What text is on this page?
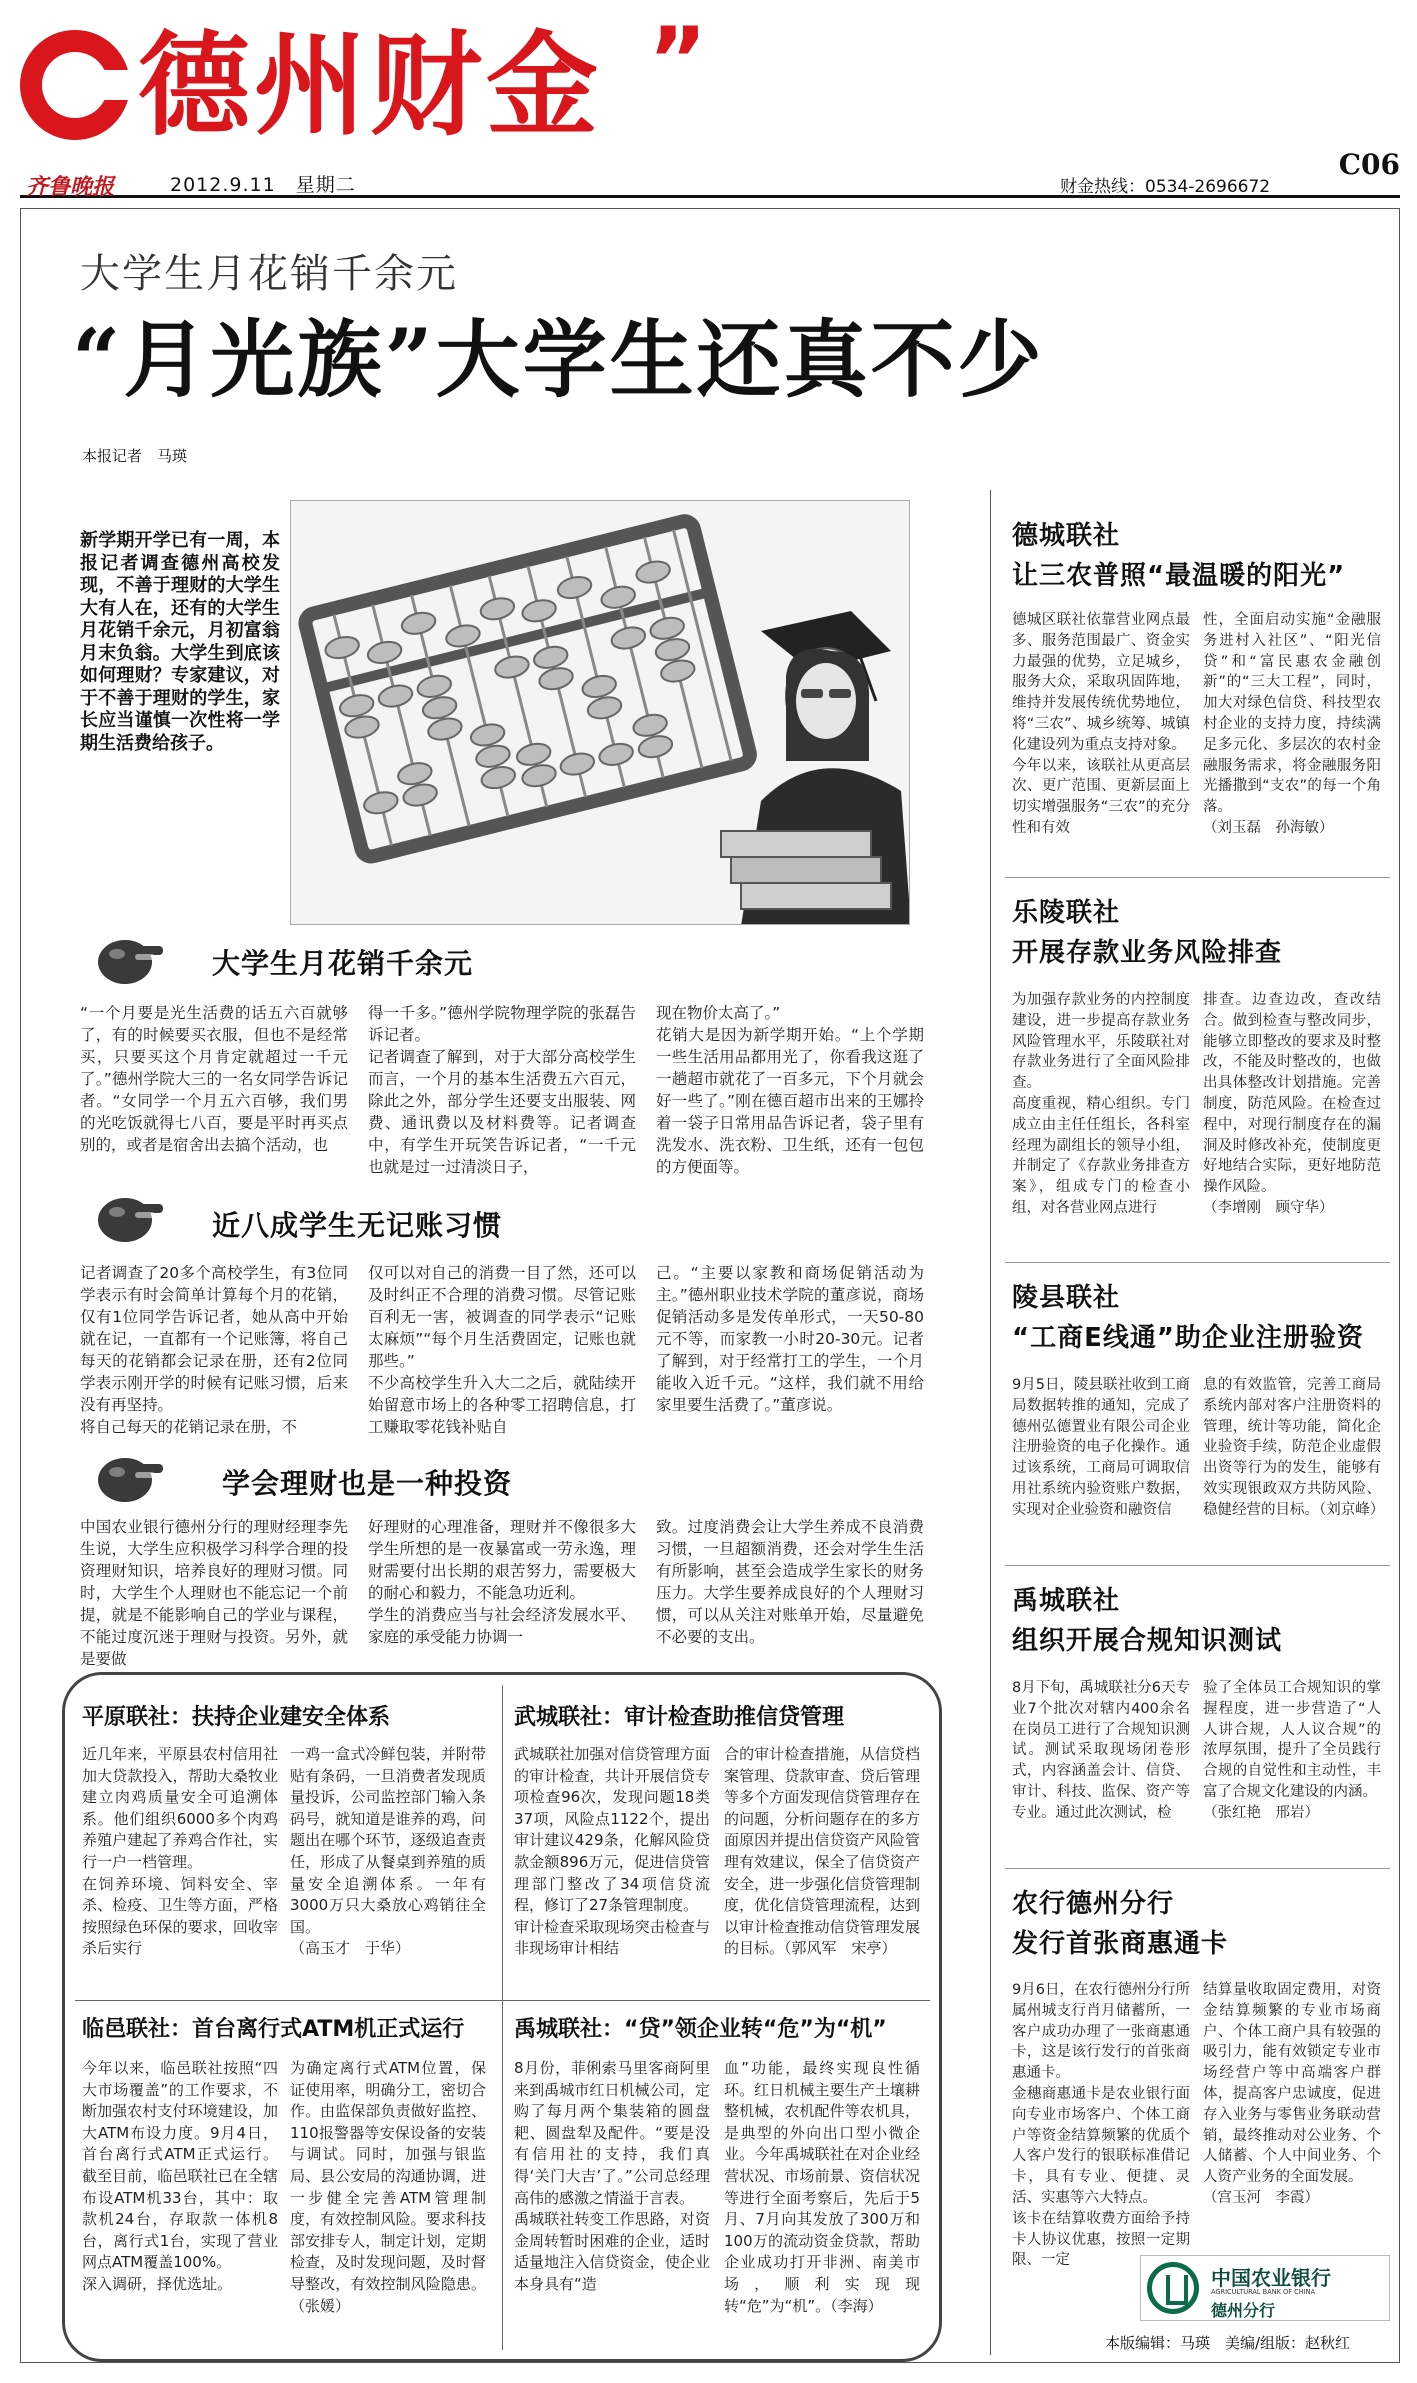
德州财金 ”
齐鲁晚报	2012.9.11　星期二	财金热线：0534-2696672
C06
大学生月花销千余元
“月光族”大学生还真不少
本报记者　马瑛
新学期开学已有一周，本报记者调查德州高校发现，不善于理财的大学生大有人在，还有的大学生月花销千余元，月初富翁月末负翁。大学生到底该如何理财？专家建议，对于不善于理财的学生，家长应当谨慎一次性将一学期生活费给孩子。
大学生月花销千余元
“一个月要是光生活费的话五六百就够了，有的时候要买衣服，但也不是经常买，只要买这个月肯定就超过一千元了。”德州学院大三的一名女同学告诉记者。“女同学一个月五六百够，我们男的光吃饭就得七八百，要是平时再买点别的，或者是宿舍出去搞个活动，也
得一千多。”德州学院物理学院的张磊告诉记者。
记者调查了解到，对于大部分高校学生而言，一个月的基本生活费五六百元，除此之外，部分学生还要支出服装、网费、通讯费以及材料费等。记者调查中，有学生开玩笑告诉记者，“一千元也就是过一过清淡日子，
现在物价太高了。”
花销大是因为新学期开始。“上个学期一些生活用品都用光了，你看我这逛了一趟超市就花了一百多元，下个月就会好一些了。”刚在德百超市出来的王娜拎着一袋子日常用品告诉记者，袋子里有洗发水、洗衣粉、卫生纸，还有一包包的方便面等。
近八成学生无记账习惯
记者调查了20多个高校学生，有3位同学表示有时会简单计算每个月的花销，仅有1位同学告诉记者，她从高中开始就在记，一直都有一个记账簿，将自己每天的花销都会记录在册，还有2位同学表示刚开学的时候有记账习惯，后来没有再坚持。
将自己每天的花销记录在册，不
仅可以对自己的消费一目了然，还可以及时纠正不合理的消费习惯。尽管记账百利无一害，被调查的同学表示“记账太麻烦”“每个月生活费固定，记账也就那些。”
不少高校学生升入大二之后，就陆续开始留意市场上的各种零工招聘信息，打工赚取零花钱补贴自
己。“主要以家教和商场促销活动为主。”德州职业技术学院的董彦说，商场促销活动多是发传单形式，一天50-80元不等，而家教一小时20-30元。记者了解到，对于经常打工的学生，一个月能收入近千元。“这样，我们就不用给家里要生活费了。”董彦说。
学会理财也是一种投资
中国农业银行德州分行的理财经理李先生说，大学生应积极学习科学合理的投资理财知识，培养良好的理财习惯。同时，大学生个人理财也不能忘记一个前提，就是不能影响自己的学业与课程，不能过度沉迷于理财与投资。另外，就是要做
好理财的心理准备，理财并不像很多大学生所想的是一夜暴富或一劳永逸，理财需要付出长期的艰苦努力，需要极大的耐心和毅力，不能急功近利。
学生的消费应当与社会经济发展水平、家庭的承受能力协调一
致。过度消费会让大学生养成不良消费习惯，一旦超额消费，还会对学生生活有所影响，甚至会造成学生家长的财务压力。大学生要养成良好的个人理财习惯，可以从关注对账单开始，尽量避免不必要的支出。
平原联社：扶持企业建安全体系
近几年来，平原县农村信用社加大贷款投入，帮助大桑牧业建立肉鸡质量安全可追溯体系。他们组织6000多个肉鸡养殖户建起了养鸡合作社，实行一户一档管理。
在饲养环境、饲料安全、宰杀、检疫、卫生等方面，严格按照绿色环保的要求，回收宰杀后实行
一鸡一盒式冷鲜包装，并附带贴有条码，一旦消费者发现质量投诉，公司监控部门输入条码号，就知道是谁养的鸡，问题出在哪个环节，逐级追查责任，形成了从餐桌到养殖的质量安全追溯体系。一年有3000万只大桑放心鸡销往全国。
（高玉才　于华）
武城联社：审计检查助推信贷管理
武城联社加强对信贷管理方面的审计检查，共计开展信贷专项检查96次，发现问题18类37项，风险点1122个，提出审计建议429条，化解风险贷款金额896万元，促进信贷管理部门整改了34项信贷流程，修订了27条管理制度。
审计检查采取现场突击检查与非现场审计相结
合的审计检查措施，从信贷档案管理、贷款审查、贷后管理等多个方面发现信贷管理存在的问题，分析问题存在的多方面原因并提出信贷资产风险管理有效建议，保全了信贷资产安全，进一步强化信贷管理制度，优化信贷管理流程，达到以审计检查推动信贷管理发展的目标。（郭风军　宋亭）
临邑联社：首台离行式ATM机正式运行
今年以来，临邑联社按照“四大市场覆盖”的工作要求，不断加强农村支付环境建设，加大ATM布设力度。9月4日，首台离行式ATM正式运行。截至目前，临邑联社已在全辖布设ATM机33台，其中：取款机24台，存取款一体机8台，离行式1台，实现了营业网点ATM覆盖100%。
深入调研，择优选址。
为确定离行式ATM位置，保证使用率，明确分工，密切合作。由监保部负责做好监控、110报警器等安保设备的安装与调试。同时，加强与银监局、县公安局的沟通协调，进一步健全完善ATM管理制度，有效控制风险。要求科技部安排专人，制定计划，定期检查，及时发现问题，及时督导整改，有效控制风险隐患。（张媛）
禹城联社：“贷”领企业转“危”为“机”
8月份，菲俐索马里客商阿里来到禹城市红日机械公司，定购了每月两个集装箱的圆盘耙、圆盘犁及配件。“要是没有信用社的支持，我们真得‘关门大吉’了。”公司总经理高伟的感激之情溢于言表。
禹城联社转变工作思路，对资金周转暂时困难的企业，适时适量地注入信贷资金，使企业本身具有“造
血”功能，最终实现良性循环。红日机械主要生产土壤耕整机械，农机配件等农机具，是典型的外向出口型小微企业。今年禹城联社在对企业经营状况、市场前景、资信状况等进行全面考察后，先后于5月、7月向其发放了300万和100万的流动资金贷款，帮助企业成功打开非洲、南美市场，顺利实现现转“危”为“机”。（李海）
德城联社
让三农普照“最温暖的阳光”
德城区联社依靠营业网点最多、服务范围最广、资金实力最强的优势，立足城乡，服务大众，采取巩固阵地，维持并发展传统优势地位，将“三农”、城乡统筹、城镇化建设列为重点支持对象。
今年以来，该联社从更高层次、更广范围、更新层面上切实增强服务“三农”的充分性和有效
性，全面启动实施“金融服务进村入社区”、“阳光信贷”和“富民惠农金融创新”的“三大工程”，同时，加大对绿色信贷、科技型农村企业的支持力度，持续满足多元化、多层次的农村金融服务需求，将金融服务阳光播撒到“支农”的每一个角落。
（刘玉磊　孙海敏）
乐陵联社
开展存款业务风险排查
为加强存款业务的内控制度建设，进一步提高存款业务风险管理水平，乐陵联社对存款业务进行了全面风险排查。
高度重视，精心组织。专门成立由主任任组长，各科室经理为副组长的领导小组，并制定了《存款业务排查方案》，组成专门的检查小组，对各营业网点进行
排查。边查边改，查改结合。做到检查与整改同步，能够立即整改的要求及时整改，不能及时整改的，也做出具体整改计划措施。完善制度，防范风险。在检查过程中，对现行制度存在的漏洞及时修改补充，使制度更好地结合实际，更好地防范操作风险。
（李增刚　顾守华）
陵县联社
“工商E线通”助企业注册验资
9月5日，陵县联社收到工商局数据转推的通知，完成了德州弘德置业有限公司企业注册验资的电子化操作。通过该系统，工商局可调取信用社系统内验资账户数据，实现对企业验资和融资信
息的有效监管，完善工商局系统内部对客户注册资料的管理，统计等功能，简化企业验资手续，防范企业虚假出资等行为的发生，能够有效实现银政双方共防风险、稳健经营的目标。（刘京峰）
禹城联社
组织开展合规知识测试
8月下旬，禹城联社分6天专业7个批次对辖内400余名在岗员工进行了合规知识测试。测试采取现场闭卷形式，内容涵盖会计、信贷、审计、科技、监保、资产等专业。通过此次测试，检
验了全体员工合规知识的掌握程度，进一步营造了“人人讲合规，人人议合规”的浓厚氛围，提升了全员践行合规的自觉性和主动性，丰富了合规文化建设的内涵。
（张红艳　邢岩）
农行德州分行
发行首张商惠通卡
9月6日，在农行德州分行所属州城支行肖月储蓄所，一客户成功办理了一张商惠通卡，这是该行发行的首张商惠通卡。
金穗商惠通卡是农业银行面向专业市场客户、个体工商户等资金结算频繁的优质个人客户发行的银联标准借记卡，具有专业、便捷、灵活、实惠等六大特点。
该卡在结算收费方面给予持卡人协议优惠，按照一定期限、一定
结算量收取固定费用，对资金结算频繁的专业市场商户、个体工商户具有较强的吸引力，能有效锁定专业市场经营户等中高端客户群体，提高客户忠诚度，促进存入业务与零售业务联动营销，最终推动对公业务、个人储蓄、个人中间业务、个人资产业务的全面发展。
（宫玉河　李霞）
中国农业银行
AGRICULTURAL BANK OF CHINA
德州分行
本版编辑：马瑛　美编/组版：赵秋红
